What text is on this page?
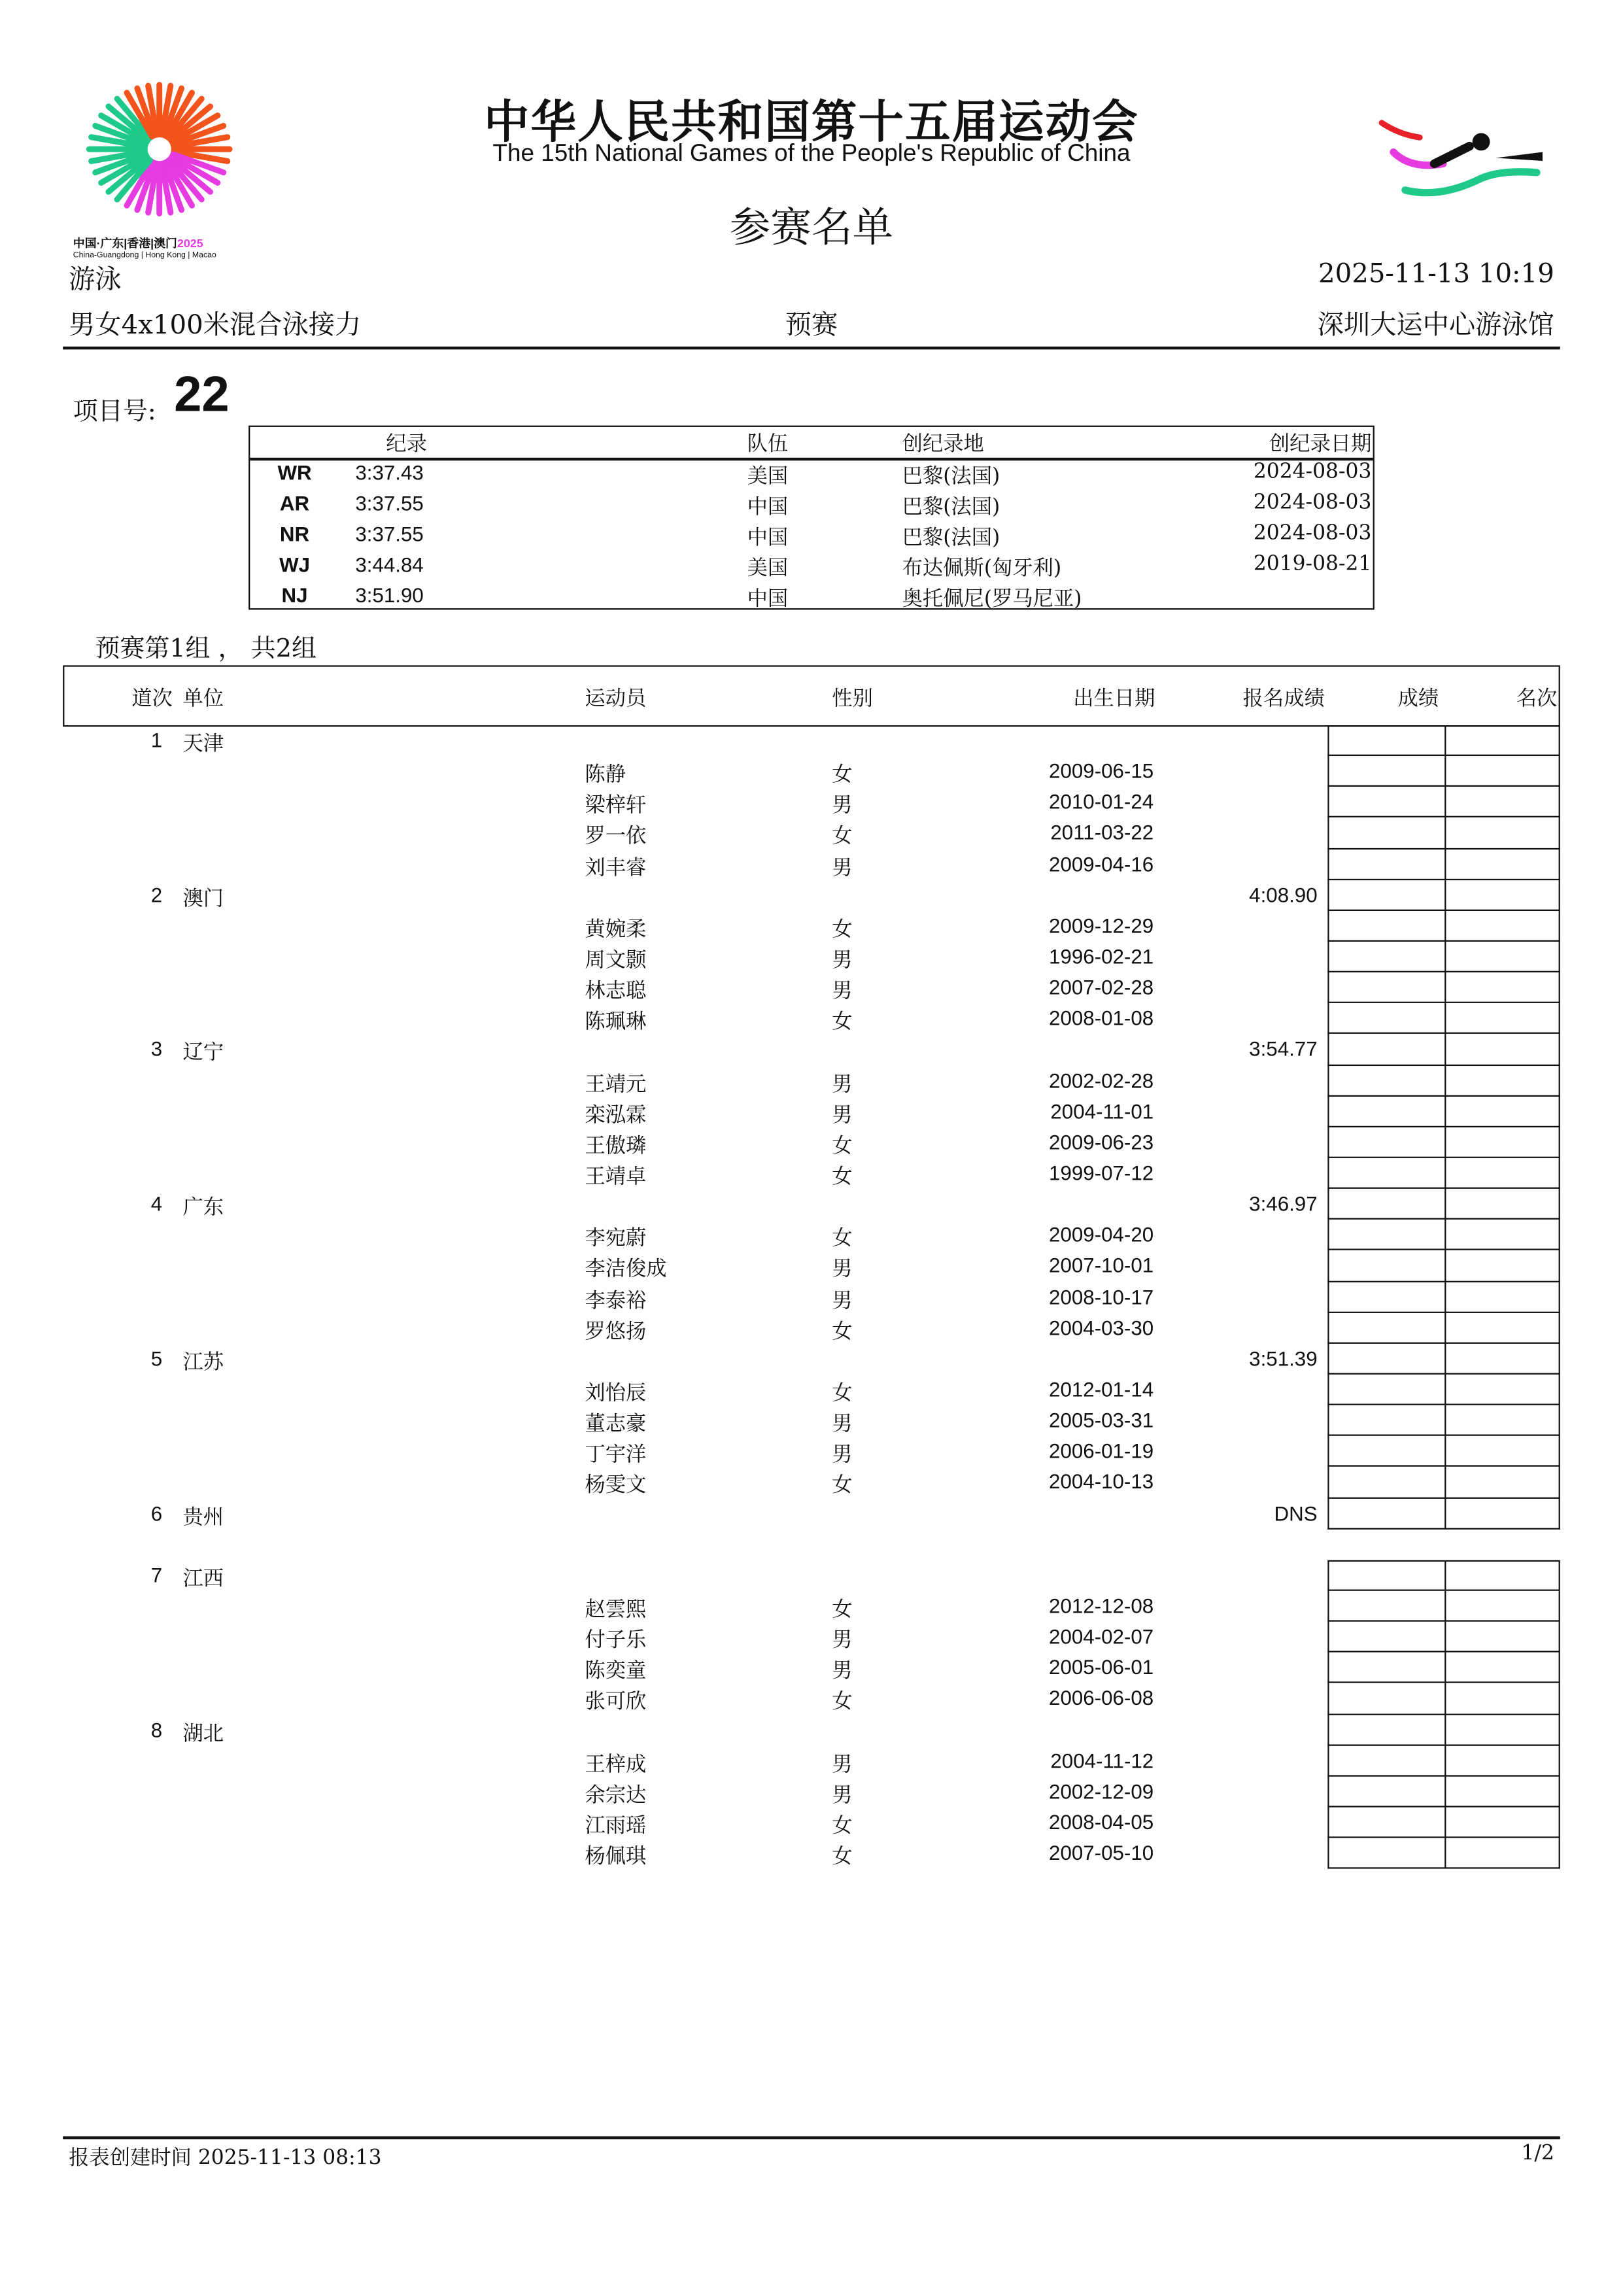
中国·广东|香港|澳门2025
China-Guangdong | Hong Kong | Macao
中华人民共和国第十五届运动会
The 15th National Games of the People's Republic of China
参赛名单
游泳	2025-11-13 10:19
男女4x100米混合泳接力	预赛	深圳大运中心游泳馆
项目号: 22
纪录	队伍	创纪录地	创纪录日期
WR	3:37.43	美国	巴黎(法国)	2024-08-03
AR	3:37.55	中国	巴黎(法国)	2024-08-03
NR	3:37.55	中国	巴黎(法国)	2024-08-03
WJ	3:44.84	美国	布达佩斯(匈牙利)	2019-08-21
NJ	3:51.90	中国	奥托佩尼(罗马尼亚)
预赛第1组 ， 共2组
道次 单位	运动员	性别	出生日期	报名成绩	成绩	名次
1 天津
陈静	女	2009-06-15
梁梓轩	男	2010-01-24
罗一依	女	2011-03-22
刘丰睿	男	2009-04-16
2 澳门	4:08.90
黄婉柔	女	2009-12-29
周文颢	男	1996-02-21
林志聪	男	2007-02-28
陈珮琳	女	2008-01-08
3 辽宁	3:54.77
王靖元	男	2002-02-28
栾泓霖	男	2004-11-01
王傲璘	女	2009-06-23
王靖卓	女	1999-07-12
4 广东	3:46.97
李宛蔚	女	2009-04-20
李洁俊成	男	2007-10-01
李泰裕	男	2008-10-17
罗悠扬	女	2004-03-30
5 江苏	3:51.39
刘怡辰	女	2012-01-14
董志豪	男	2005-03-31
丁宇洋	男	2006-01-19
杨雯文	女	2004-10-13
6 贵州	DNS
7 江西
赵雲熙	女	2012-12-08
付子乐	男	2004-02-07
陈奕童	男	2005-06-01
张可欣	女	2006-06-08
8 湖北
王梓成	男	2004-11-12
余宗达	男	2002-12-09
江雨瑶	女	2008-04-05
杨佩琪	女	2007-05-10
报表创建时间 2025-11-13 08:13	1/2
